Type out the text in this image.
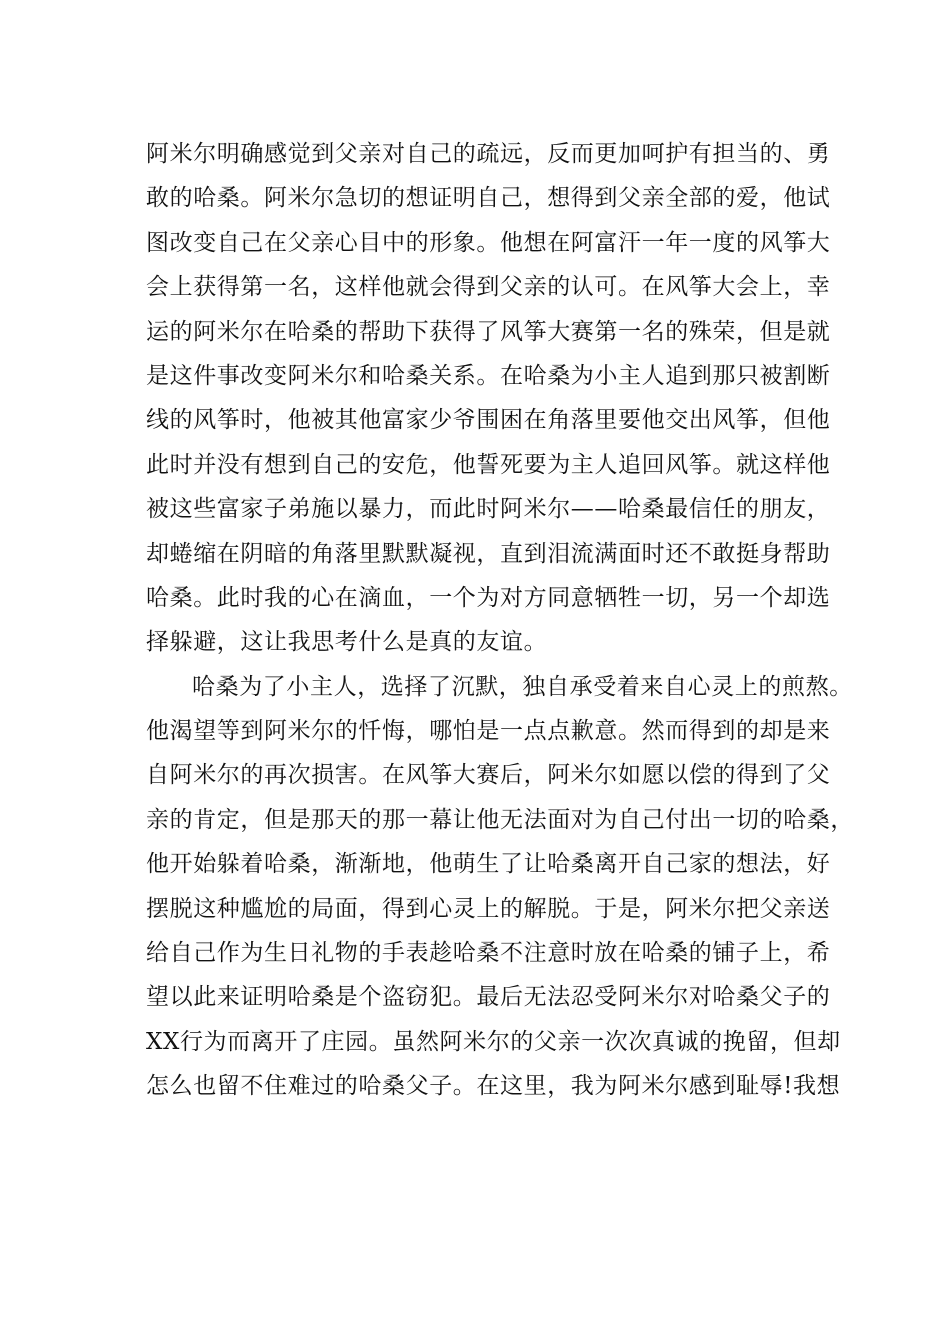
阿米尔明确感觉到父亲对自己的疏远，反而更加呵护有担当的、勇
敢的哈桑。阿米尔急切的想证明自己，想得到父亲全部的爱，他试
图改变自己在父亲心目中的形象。他想在阿富汗一年一度的风筝大
会上获得第一名，这样他就会得到父亲的认可。在风筝大会上，幸
运的阿米尔在哈桑的帮助下获得了风筝大赛第一名的殊荣，但是就
是这件事改变阿米尔和哈桑关系。在哈桑为小主人追到那只被割断
线的风筝时，他被其他富家少爷围困在角落里要他交出风筝，但他
此时并没有想到自己的安危，他誓死要为主人追回风筝。就这样他
被这些富家子弟施以暴力，而此时阿米尔——哈桑最信任的朋友，
却蜷缩在阴暗的角落里默默凝视，直到泪流满面时还不敢挺身帮助
哈桑。此时我的心在滴血，一个为对方同意牺牲一切，另一个却选
择躲避，这让我思考什么是真的友谊。
哈桑为了小主人，选择了沉默，独自承受着来自心灵上的煎熬。
他渴望等到阿米尔的忏悔，哪怕是一点点歉意。然而得到的却是来
自阿米尔的再次损害。在风筝大赛后，阿米尔如愿以偿的得到了父
亲的肯定，但是那天的那一幕让他无法面对为自己付出一切的哈桑，
他开始躲着哈桑，渐渐地，他萌生了让哈桑离开自己家的想法，好
摆脱这种尴尬的局面，得到心灵上的解脱。于是，阿米尔把父亲送
给自己作为生日礼物的手表趁哈桑不注意时放在哈桑的铺子上，希
望以此来证明哈桑是个盗窃犯。最后无法忍受阿米尔对哈桑父子的
XX行为而离开了庄园。虽然阿米尔的父亲一次次真诚的挽留，但却
怎么也留不住难过的哈桑父子。在这里，我为阿米尔感到耻辱!我想
